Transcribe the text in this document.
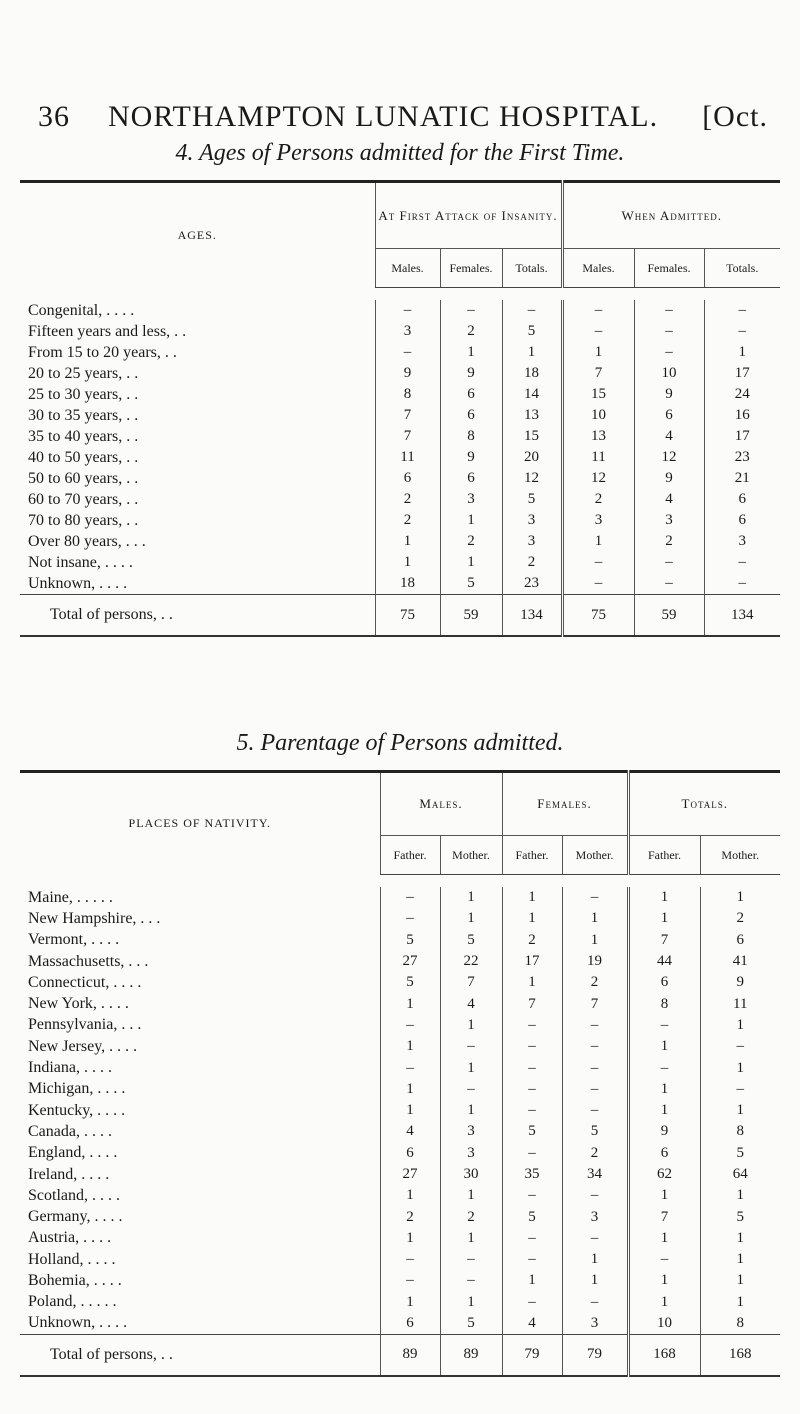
36 NORTHAMPTON LUNATIC HOSPITAL. [Oct.
4. Ages of Persons admitted for the First Time.
AGES.	At First Attack of Insanity.			When Admitted.		
	Males.	Females.	Totals.	Males.	Females.	Totals.

Congenital, . . . .	–	–	–	–	–	–
Fifteen years and less, . .	3	2	5	–	–	–
From 15 to 20 years, . .	–	1	1	1	–	1
20 to 25 years, . .	9	9	18	7	10	17
25 to 30 years, . .	8	6	14	15	9	24
30 to 35 years, . .	7	6	13	10	6	16
35 to 40 years, . .	7	8	15	13	4	17
40 to 50 years, . .	11	9	20	11	12	23
50 to 60 years, . .	6	6	12	12	9	21
60 to 70 years, . .	2	3	5	2	4	6
70 to 80 years, . .	2	1	3	3	3	6
Over 80 years, . . .	1	2	3	1	2	3
Not insane, . . . .	1	1	2	–	–	–
Unknown, . . . .	18	5	23	–	–	–
Total of persons, . .	75	59	134	75	59	134
5. Parentage of Persons admitted.
PLACES OF NATIVITY.	Males.		Females.		Totals.	
	Father.	Mother.	Father.	Mother.	Father.	Mother.

Maine, . . . . .	–	1	1	–	1	1
New Hampshire, . . .	–	1	1	1	1	2
Vermont, . . . .	5	5	2	1	7	6
Massachusetts, . . .	27	22	17	19	44	41
Connecticut, . . . .	5	7	1	2	6	9
New York, . . . .	1	4	7	7	8	11
Pennsylvania, . . .	–	1	–	–	–	1
New Jersey, . . . .	1	–	–	–	1	–
Indiana, . . . .	–	1	–	–	–	1
Michigan, . . . .	1	–	–	–	1	–
Kentucky, . . . .	1	1	–	–	1	1
Canada, . . . .	4	3	5	5	9	8
England, . . . .	6	3	–	2	6	5
Ireland, . . . .	27	30	35	34	62	64
Scotland, . . . .	1	1	–	–	1	1
Germany, . . . .	2	2	5	3	7	5
Austria, . . . .	1	1	–	–	1	1
Holland, . . . .	–	–	–	1	–	1
Bohemia, . . . .	–	–	1	1	1	1
Poland, . . . . .	1	1	–	–	1	1
Unknown, . . . .	6	5	4	3	10	8
Total of persons, . .	89	89	79	79	168	168
